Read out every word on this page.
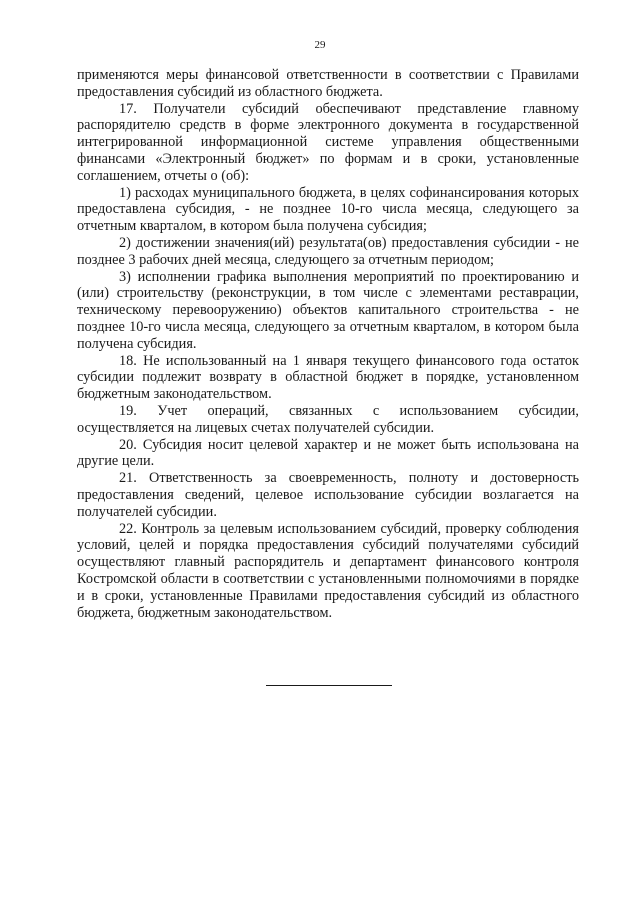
29

применяются меры финансовой ответственности в соответствии с Правилами предоставления субсидий из областного бюджета.

17. Получатели субсидий обеспечивают представление главному распорядителю средств в форме электронного документа в государственной интегрированной информационной системе управления общественными финансами «Электронный бюджет» по формам и в сроки, установленные соглашением, отчеты о (об):

1) расходах муниципального бюджета, в целях софинансирования которых предоставлена субсидия, - не позднее 10-го числа месяца, следующего за отчетным кварталом, в котором была получена субсидия;

2) достижении значения(ий) результата(ов) предоставления субсидии - не позднее 3 рабочих дней месяца, следующего за отчетным периодом;

3) исполнении графика выполнения мероприятий по проектированию и (или) строительству (реконструкции, в том числе с элементами реставрации, техническому перевооружению) объектов капитального строительства - не позднее 10-го числа месяца, следующего за отчетным кварталом, в котором была получена субсидия.

18. Не использованный на 1 января текущего финансового года остаток субсидии подлежит возврату в областной бюджет в порядке, установленном бюджетным законодательством.

19. Учет операций, связанных с использованием субсидии, осуществляется на лицевых счетах получателей субсидии.

20. Субсидия носит целевой характер и не может быть использована на другие цели.

21. Ответственность за своевременность, полноту и достоверность предоставления сведений, целевое использование субсидии возлагается на получателей субсидии.

22. Контроль за целевым использованием субсидий, проверку соблюдения условий, целей и порядка предоставления субсидий получателями субсидий осуществляют главный распорядитель и департамент финансового контроля Костромской области в соответствии с установленными полномочиями в порядке и в сроки, установленные Правилами предоставления субсидий из областного бюджета, бюджетным законодательством.
